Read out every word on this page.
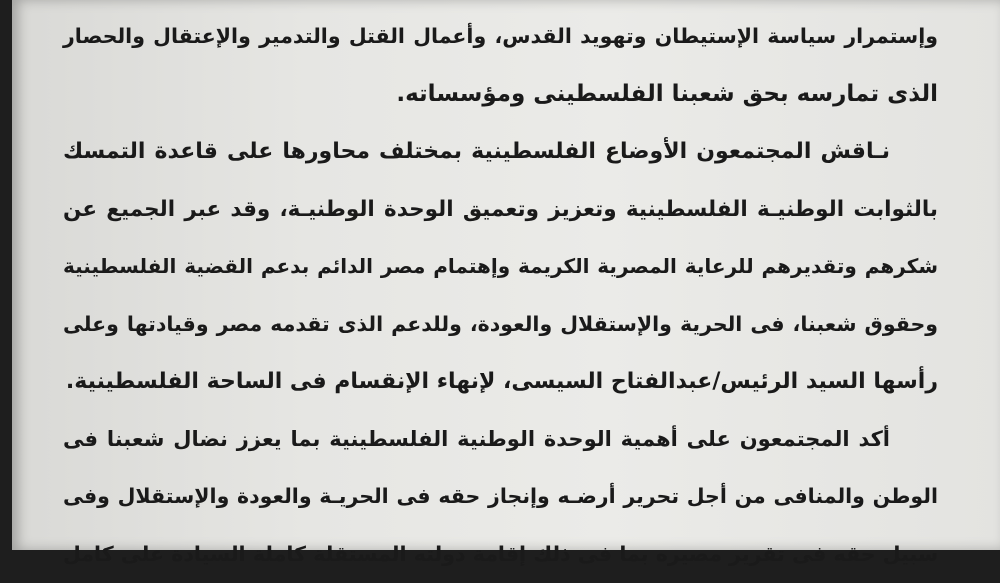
وإستمرار سياسة الإستيطان وتهويد القدس، وأعمال القتل والتدمير والإعتقال والحصار
الذى تمارسه بحق شعبنا الفلسطينى ومؤسساته.
نـاقش المجتمعون الأوضاع الفلسطينية بمختلف محاورها على قاعدة التمسك
بالثوابت الوطنيـة الفلسطينية وتعزيز وتعميق الوحدة الوطنيـة، وقد عبر الجميع عن
شكرهم وتقديرهم للرعاية المصرية الكريمة وإهتمام مصر الدائم بدعم القضية الفلسطينية
وحقوق شعبنا، فى الحرية والإستقلال والعودة، وللدعم الذى تقدمه مصر وقيادتها وعلى
رأسها السيد الرئيس/عبدالفتاح السيسى، لإنهاء الإنقسام فى الساحة الفلسطينية.
أكد المجتمعون على أهمية الوحدة الوطنية الفلسطينية بما يعزز نضال شعبنا فى
الوطن والمنافى من أجل تحرير أرضـه وإنجاز حقه فى الحريـة والعودة والإستقلال وفى
سبيل حقه فى تقرير مصيره بما فى ذلك إقامة دولته المستقلة كاملة السيادة على كامل
